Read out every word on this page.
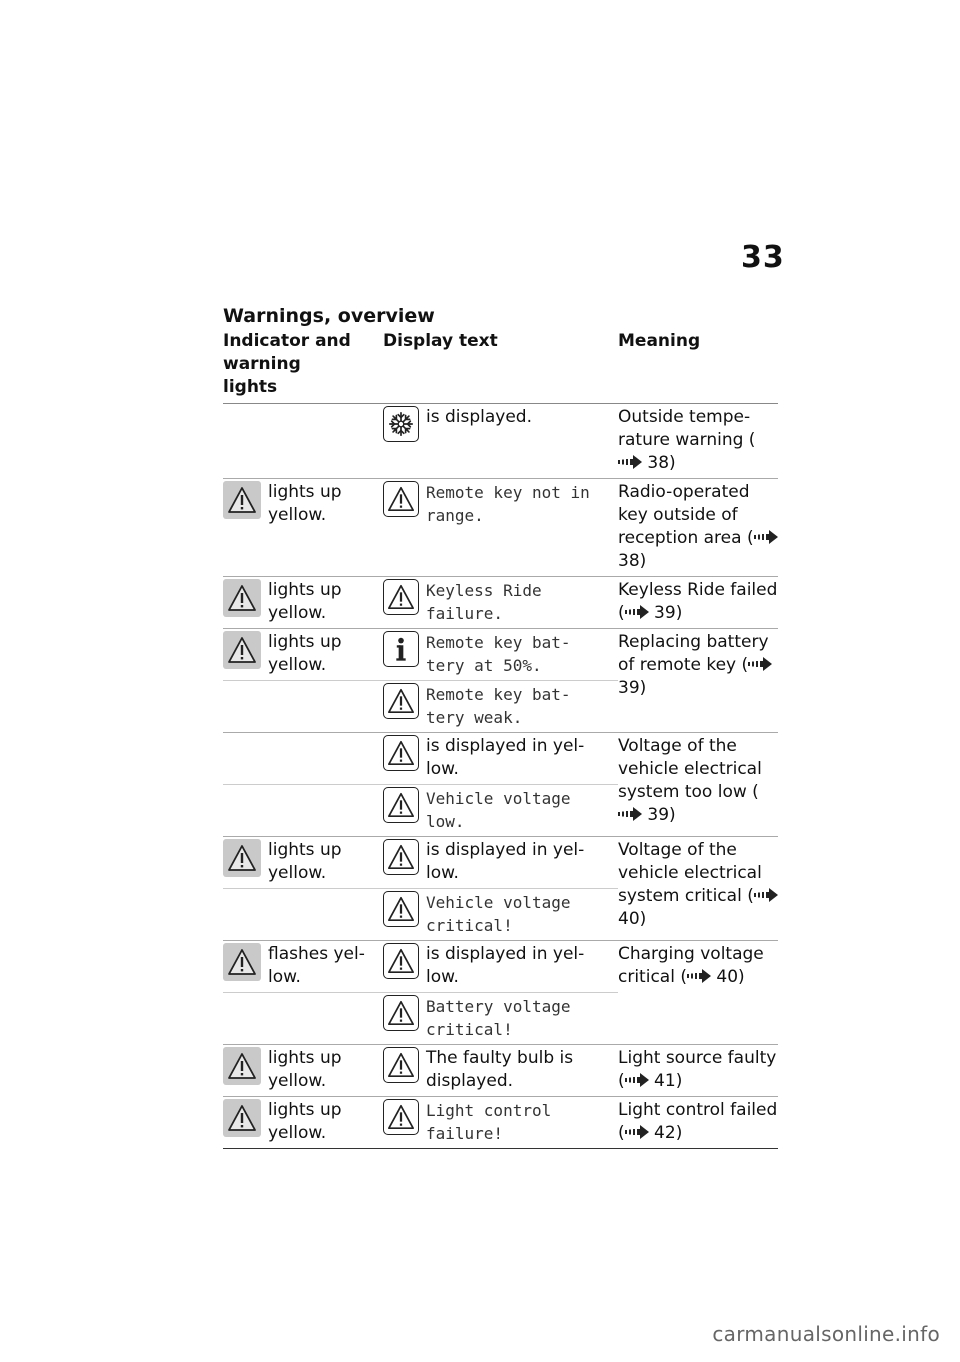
33
Warnings, overview
Indicator and warning lights	Display text	Meaning

	is displayed.	Outside tempe-rature warning ( 38)

lights up yellow.	Remote key not in range.	Radio-operated key outside of reception area ( 38)

lights up yellow.	Keyless Ride failure.	Keyless Ride failed ( 39)

lights up yellow.	Remote key bat-tery at 50%.	Replacing battery of remote key ( 39)

	Remote key bat-tery weak.	

	is displayed in yel-low.	Voltage of the vehicle electrical system too low ( 39)

	Vehicle voltage low.	

lights up yellow.	is displayed in yel-low.	Voltage of the vehicle electrical system critical ( 40)

	Vehicle voltage critical!	

flashes yel-low.	is displayed in yel-low.	Charging voltage critical ( 40)

	Battery voltage critical!	

lights up yellow.	The faulty bulb is displayed.	Light source faulty ( 41)

lights up yellow.	Light control failure!	Light control failed ( 42)
carmanualsonline.info
